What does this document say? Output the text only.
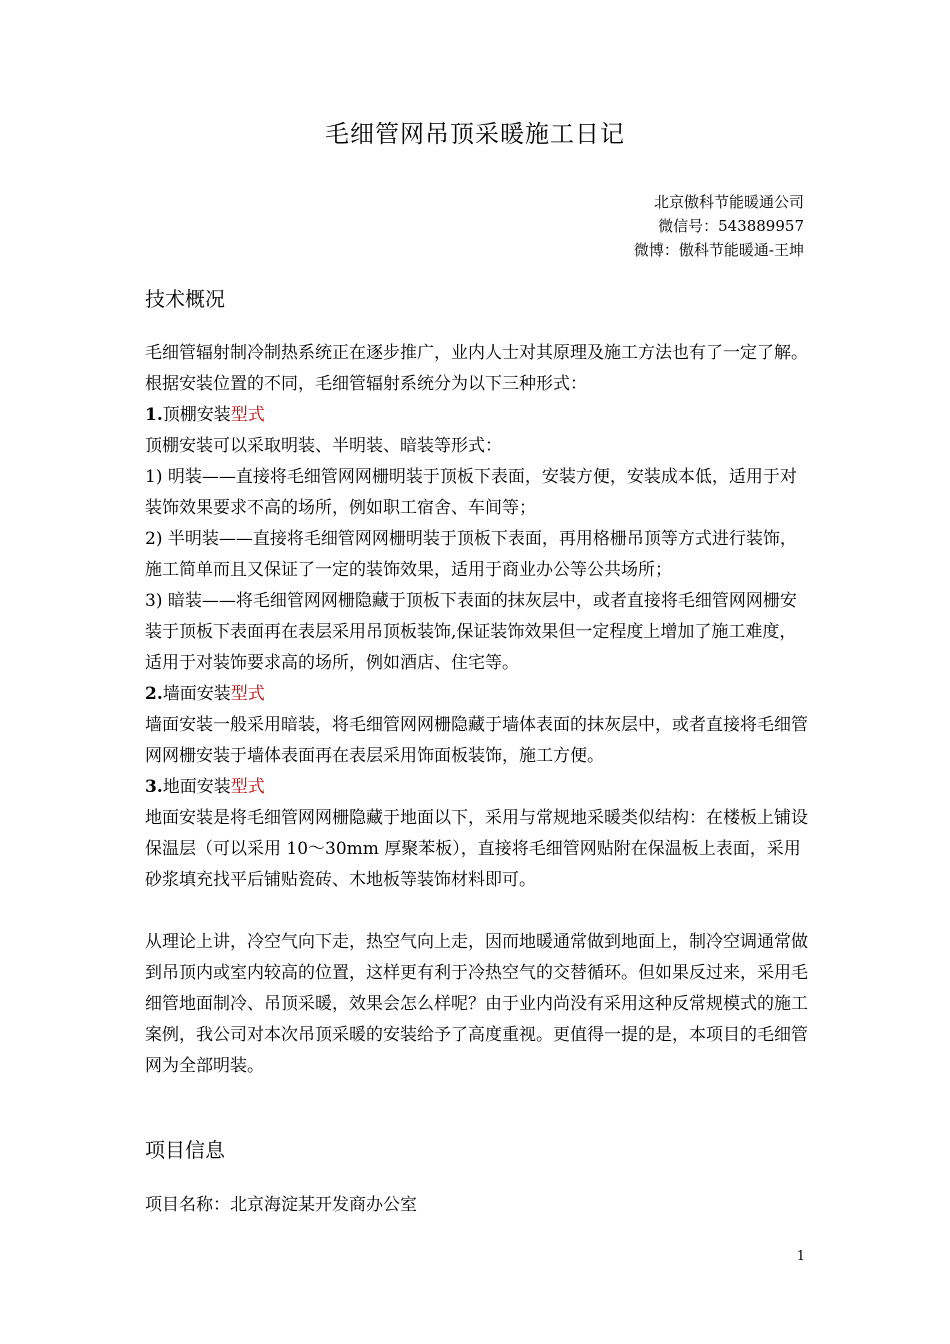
毛细管网吊顶采暖施工日记
北京傲科节能暖通公司
微信号：543889957
微博：傲科节能暖通-王坤
技术概况

毛细管辐射制冷制热系统正在逐步推广，业内人士对其原理及施工方法也有了一定了解。根据安装位置的不同，毛细管辐射系统分为以下三种形式：

1.顶棚安装型式

顶棚安装可以采取明装、半明装、暗装等形式：

1) 明装——直接将毛细管网网栅明装于顶板下表面，安装方便，安装成本低，适用于对装饰效果要求不高的场所，例如职工宿舍、车间等；

2) 半明装——直接将毛细管网网栅明装于顶板下表面，再用格栅吊顶等方式进行装饰，施工简单而且又保证了一定的装饰效果，适用于商业办公等公共场所；

3) 暗装——将毛细管网网栅隐藏于顶板下表面的抹灰层中，或者直接将毛细管网网栅安装于顶板下表面再在表层采用吊顶板装饰,保证装饰效果但一定程度上增加了施工难度，适用于对装饰要求高的场所，例如酒店、住宅等。

2.墙面安装型式

墙面安装一般采用暗装，将毛细管网网栅隐藏于墙体表面的抹灰层中，或者直接将毛细管网网栅安装于墙体表面再在表层采用饰面板装饰，施工方便。

3.地面安装型式

地面安装是将毛细管网网栅隐藏于地面以下，采用与常规地采暖类似结构：在楼板上铺设保温层（可以采用 10～30mm 厚聚苯板），直接将毛细管网贴附在保温板上表面，采用砂浆填充找平后铺贴瓷砖、木地板等装饰材料即可。

从理论上讲，冷空气向下走，热空气向上走，因而地暖通常做到地面上，制冷空调通常做到吊顶内或室内较高的位置，这样更有利于冷热空气的交替循环。但如果反过来，采用毛细管地面制冷、吊顶采暖，效果会怎么样呢？由于业内尚没有采用这种反常规模式的施工案例，我公司对本次吊顶采暖的安装给予了高度重视。更值得一提的是，本项目的毛细管网为全部明装。

项目信息

项目名称：北京海淀某开发商办公室

1
